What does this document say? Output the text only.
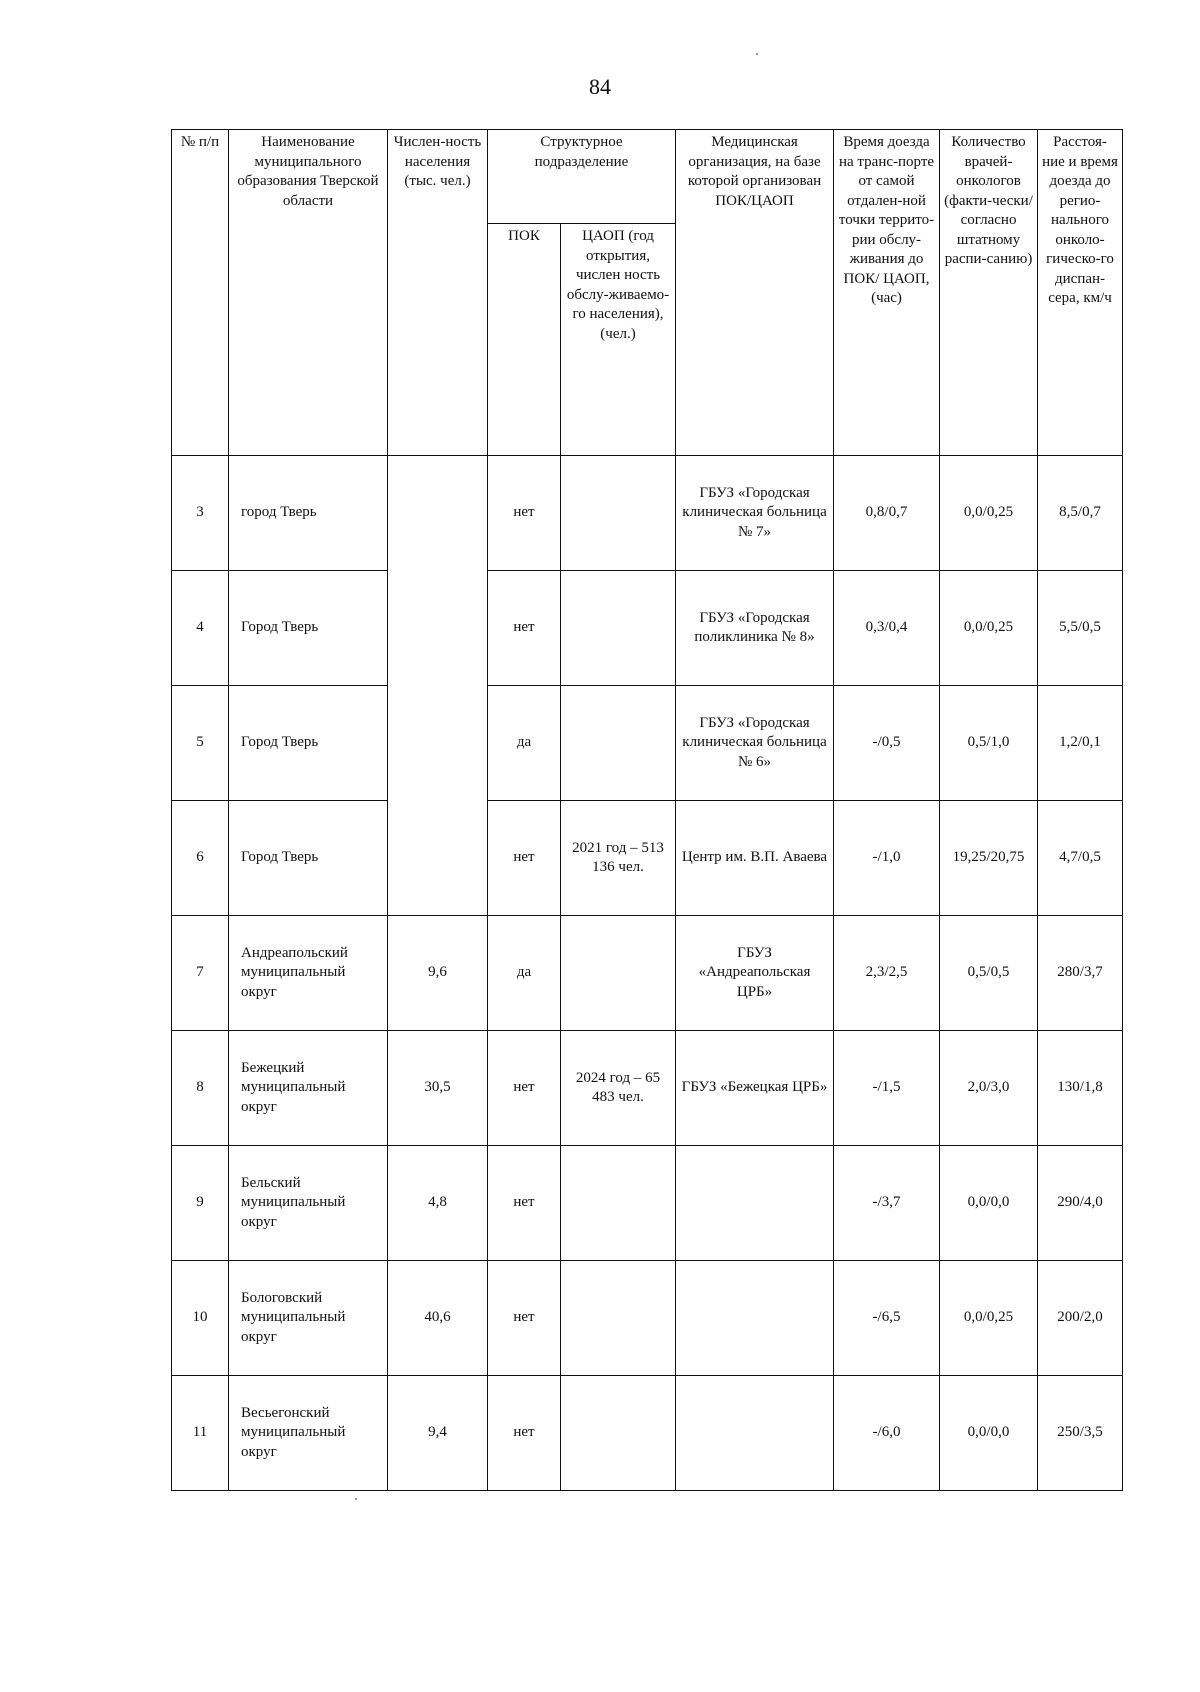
84
№ п/п	Наименование муниципального образования Тверской области	Числен-ность населения (тыс. чел.)	Структурное подразделение		Медицинская организация, на базе которой организован ПОК/ЦАОП	Время доезда на транс-порте от самой отдален-ной точки террито-рии обслу-живания до ПОК/ ЦАОП, (час)	Количество врачей-онкологов (факти-чески/ согласно штатному распи-санию)	Расстоя-ние и время доезда до регио-нального онколо-гическо-го диспан-сера, км/ч
			ПОК	ЦАОП (год открытия, числен ность обслу-живаемо-го населения), (чел.)				
3	город Тверь		нет		ГБУЗ «Городская клиническая больница № 7»	0,8/0,7	0,0/0,25	8,5/0,7
4	Город Тверь		нет		ГБУЗ «Городская поликлиника № 8»	0,3/0,4	0,0/0,25	5,5/0,5
5	Город Тверь		да		ГБУЗ «Городская клиническая больница № 6»	-/0,5	0,5/1,0	1,2/0,1
6	Город Тверь		нет	2021 год – 513 136 чел.	Центр им. В.П. Аваева	-/1,0	19,25/20,75	4,7/0,5
7	Андреапольский муниципальный округ	9,6	да		ГБУЗ «Андреапольская ЦРБ»	2,3/2,5	0,5/0,5	280/3,7
8	Бежецкий муниципальный округ	30,5	нет	2024 год – 65 483 чел.	ГБУЗ «Бежецкая ЦРБ»	-/1,5	2,0/3,0	130/1,8
9	Бельский муниципальный округ	4,8	нет			-/3,7	0,0/0,0	290/4,0
10	Бологовский муниципальный округ	40,6	нет			-/6,5	0,0/0,25	200/2,0
11	Весьегонский муниципальный округ	9,4	нет			-/6,0	0,0/0,0	250/3,5
